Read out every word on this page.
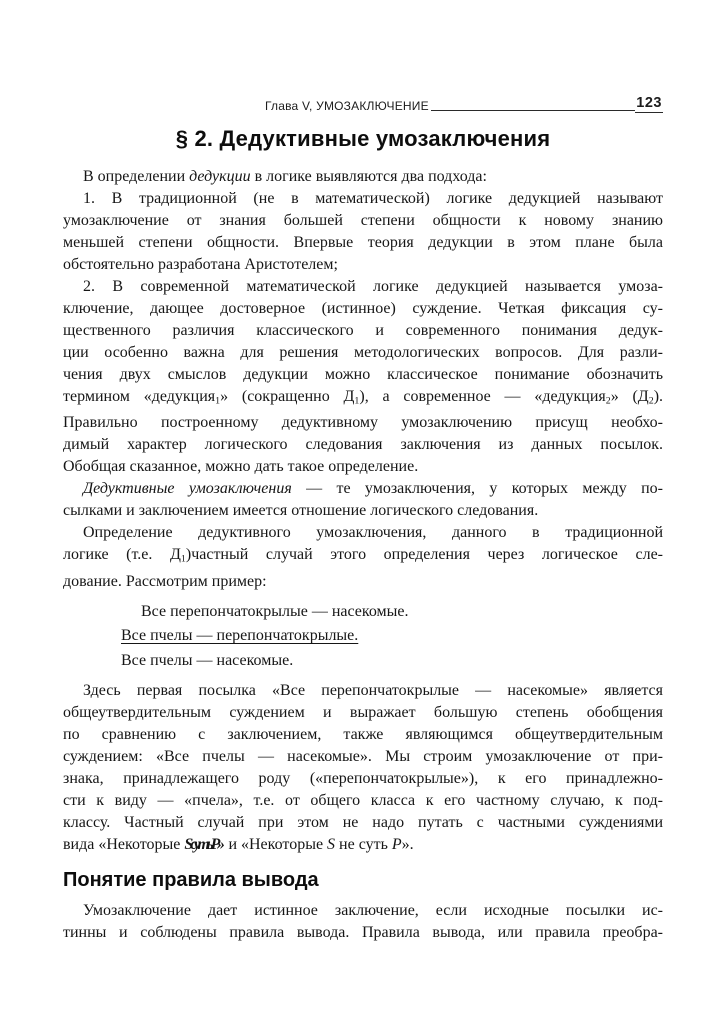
Глава V, УМОЗАКЛЮЧЕНИЕ	123
§ 2. Дедуктивные умозаключения
В определении дедукции в логике выявляются два подхода:
1. В традиционной (не в математической) логике дедукцией называют
умозаключение от знания большей степени общности к новому знанию
меньшей степени общности. Впервые теория дедукции в этом плане была
обстоятельно разработана Аристотелем;
2. В современной математической логике дедукцией называется умоза-
ключение, дающее достоверное (истинное) суждение. Четкая фиксация су-
щественного различия классического и современного понимания дедук-
ции особенно важна для решения методологических вопросов. Для разли-
чения двух смыслов дедукции можно классическое понимание обозначить
термином «дедукция1» (сокращенно Д1), а современное — «дедукция2» (Д2).
Правильно построенному дедуктивному умозаключению присущ необхо-
димый характер логического следования заключения из данных посылок.
Обобщая сказанное, можно дать такое определение.
Дедуктивные умозаключения — те умозаключения, у которых между по-
сылками и заключением имеется отношение логического следования.
Определение дедуктивного умозаключения, данного в традиционной
логике (т.е. Д1)частный случай этого определения через логическое сле-
дование. Рассмотрим пример:
Все перепончатокрылые — насекомые.
Все пчелы — перепончатокрылые.
Все пчелы — насекомые.
Здесь первая посылка «Все перепончатокрылые — насекомые» является
общеутвердительным суждением и выражает большую степень обобщения
по сравнению с заключением, также являющимся общеутвердительным
суждением: «Все пчелы — насекомые». Мы строим умозаключение от при-
знака, принадлежащего роду («перепончатокрылые»), к его принадлежно-
сти к виду — «пчела», т.е. от общего класса к его частному случаю, к под-
классу. Частный случай при этом не надо путать с частными суждениями
вида «Некоторые S суть P» и «Некоторые S не суть P».
Понятие правила вывода
Умозаключение дает истинное заключение, если исходные посылки ис-
тинны и соблюдены правила вывода. Правила вывода, или правила преобра-
